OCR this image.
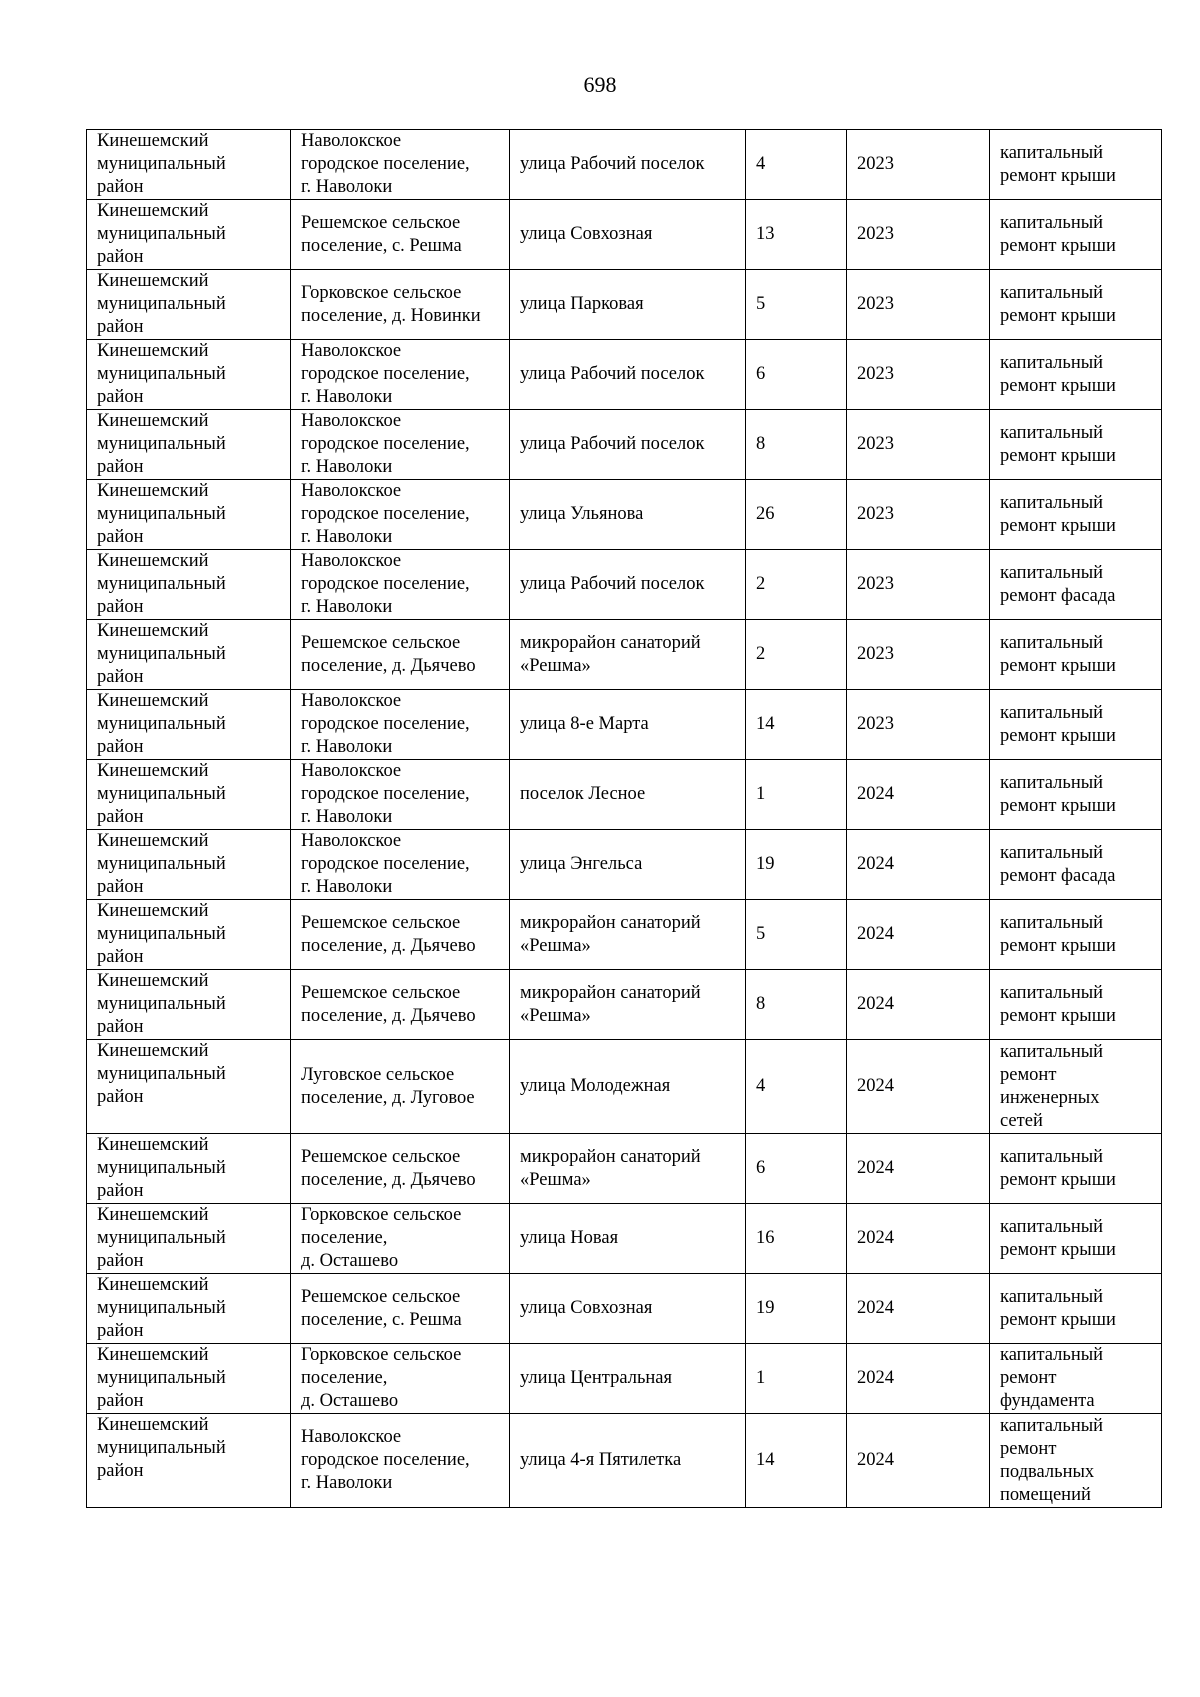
698
Кинешемский
муниципальный
район	Наволокское
городское поселение,
г. Наволоки	улица Рабочий поселок	4	2023	капитальный
ремонт крыши
Кинешемский
муниципальный
район	Решемское сельское
поселение, с. Решма	улица Совхозная	13	2023	капитальный
ремонт крыши
Кинешемский
муниципальный
район	Горковское сельское
поселение, д. Новинки	улица Парковая	5	2023	капитальный
ремонт крыши
Кинешемский
муниципальный
район	Наволокское
городское поселение,
г. Наволоки	улица Рабочий поселок	6	2023	капитальный
ремонт крыши
Кинешемский
муниципальный
район	Наволокское
городское поселение,
г. Наволоки	улица Рабочий поселок	8	2023	капитальный
ремонт крыши
Кинешемский
муниципальный
район	Наволокское
городское поселение,
г. Наволоки	улица Ульянова	26	2023	капитальный
ремонт крыши
Кинешемский
муниципальный
район	Наволокское
городское поселение,
г. Наволоки	улица Рабочий поселок	2	2023	капитальный
ремонт фасада
Кинешемский
муниципальный
район	Решемское сельское
поселение, д. Дьячево	микрорайон санаторий
«Решма»	2	2023	капитальный
ремонт крыши
Кинешемский
муниципальный
район	Наволокское
городское поселение,
г. Наволоки	улица 8-е Марта	14	2023	капитальный
ремонт крыши
Кинешемский
муниципальный
район	Наволокское
городское поселение,
г. Наволоки	поселок Лесное	1	2024	капитальный
ремонт крыши
Кинешемский
муниципальный
район	Наволокское
городское поселение,
г. Наволоки	улица Энгельса	19	2024	капитальный
ремонт фасада
Кинешемский
муниципальный
район	Решемское сельское
поселение, д. Дьячево	микрорайон санаторий
«Решма»	5	2024	капитальный
ремонт крыши
Кинешемский
муниципальный
район	Решемское сельское
поселение, д. Дьячево	микрорайон санаторий
«Решма»	8	2024	капитальный
ремонт крыши
Кинешемский
муниципальный
район	Луговское сельское
поселение, д. Луговое	улица Молодежная	4	2024	капитальный
ремонт
инженерных
сетей
Кинешемский
муниципальный
район	Решемское сельское
поселение, д. Дьячево	микрорайон санаторий
«Решма»	6	2024	капитальный
ремонт крыши
Кинешемский
муниципальный
район	Горковское сельское
поселение,
д. Осташево	улица Новая	16	2024	капитальный
ремонт крыши
Кинешемский
муниципальный
район	Решемское сельское
поселение, с. Решма	улица Совхозная	19	2024	капитальный
ремонт крыши
Кинешемский
муниципальный
район	Горковское сельское
поселение,
д. Осташево	улица Центральная	1	2024	капитальный
ремонт
фундамента
Кинешемский
муниципальный
район	Наволокское
городское поселение,
г. Наволоки	улица 4-я Пятилетка	14	2024	капитальный
ремонт
подвальных
помещений
